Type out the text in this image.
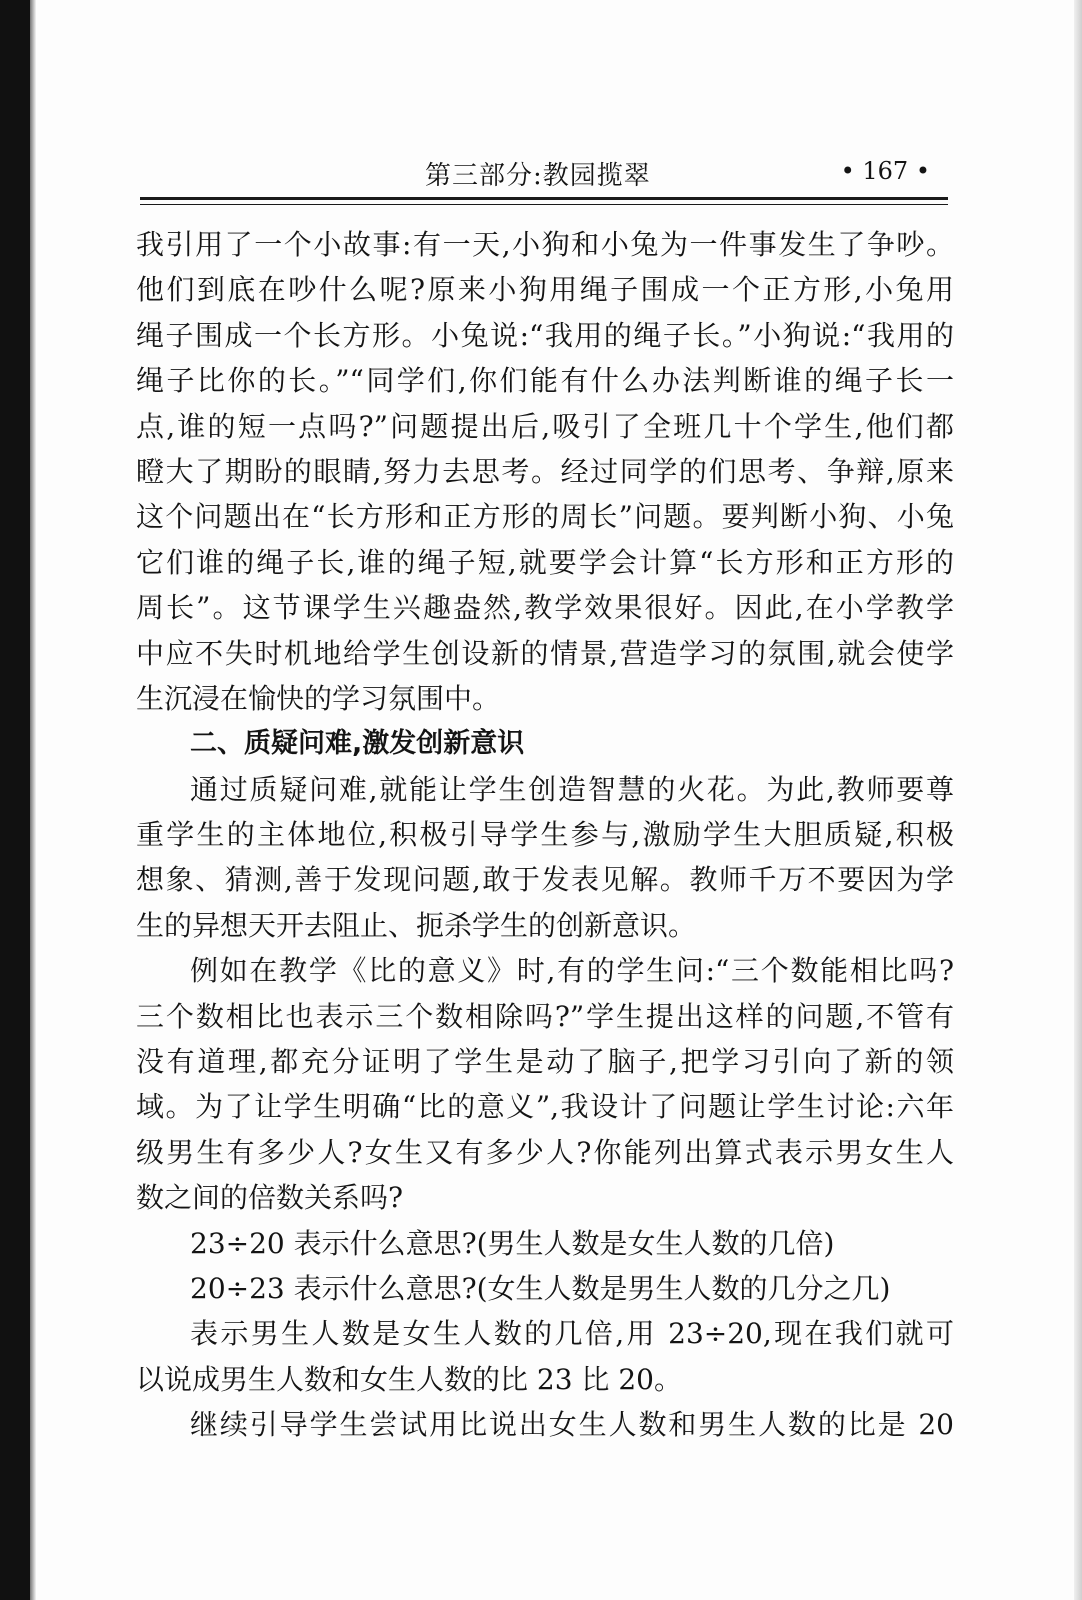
第三部分:教园揽翠	• 167 •
我引用了一个小故事:有一天,小狗和小兔为一件事发生了争吵。
他们到底在吵什么呢?原来小狗用绳子围成一个正方形,小兔用
绳子围成一个长方形。小兔说:“我用的绳子长。”小狗说:“我用的
绳子比你的长。”“同学们,你们能有什么办法判断谁的绳子长一
点,谁的短一点吗?”问题提出后,吸引了全班几十个学生,他们都
瞪大了期盼的眼睛,努力去思考。经过同学的们思考、争辩,原来
这个问题出在“长方形和正方形的周长”问题。要判断小狗、小兔
它们谁的绳子长,谁的绳子短,就要学会计算“长方形和正方形的
周长”。这节课学生兴趣盎然,教学效果很好。因此,在小学教学
中应不失时机地给学生创设新的情景,营造学习的氛围,就会使学
生沉浸在愉快的学习氛围中。
二、质疑问难,激发创新意识
通过质疑问难,就能让学生创造智慧的火花。为此,教师要尊
重学生的主体地位,积极引导学生参与,激励学生大胆质疑,积极
想象、猜测,善于发现问题,敢于发表见解。教师千万不要因为学
生的异想天开去阻止、扼杀学生的创新意识。
例如在教学《比的意义》时,有的学生问:“三个数能相比吗?
三个数相比也表示三个数相除吗?”学生提出这样的问题,不管有
没有道理,都充分证明了学生是动了脑子,把学习引向了新的领
域。为了让学生明确“比的意义”,我设计了问题让学生讨论:六年
级男生有多少人?女生又有多少人?你能列出算式表示男女生人
数之间的倍数关系吗?
23÷20 表示什么意思?(男生人数是女生人数的几倍)
20÷23 表示什么意思?(女生人数是男生人数的几分之几)
表示男生人数是女生人数的几倍,用 23÷20,现在我们就可
以说成男生人数和女生人数的比 23 比 20。
继续引导学生尝试用比说出女生人数和男生人数的比是 20
